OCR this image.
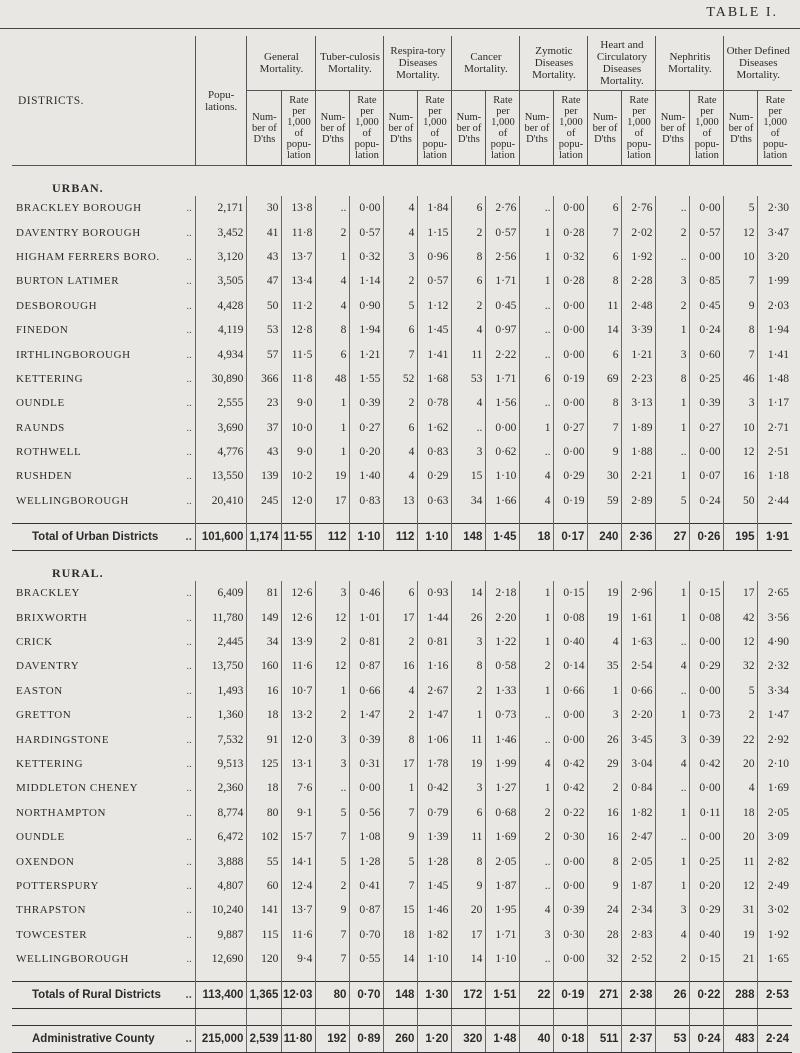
TABLE I.
DISTRICTS.	Popu-lations.	General Mortality.		Tuber-culosis Mortality.		Respira-tory Diseases Mortality.		Cancer Mortality.		Zymotic Diseases Mortality.		Heart and Circulatory Diseases Mortality.		Nephritis Mortality.		Other Defined Diseases Mortality.	
		Num-ber of D'ths	Rate per 1,000 of popu-lation	Num-ber of D'ths	Rate per 1,000 of popu-lation	Num-ber of D'ths	Rate per 1,000 of popu-lation	Num-ber of D'ths	Rate per 1,000 of popu-lation	Num-ber of D'ths	Rate per 1,000 of popu-lation	Num-ber of D'ths	Rate per 1,000 of popu-lation	Num-ber of D'ths	Rate per 1,000 of popu-lation	Num-ber of D'ths	Rate per 1,000 of popu-lation
URBAN.																	
BRACKLEY BOROUGH ..	2,171	30	13·8	..	0·00	4	1·84	6	2·76	..	0·00	6	2·76	..	0·00	5	2·30
DAVENTRY BOROUGH ..	3,452	41	11·8	2	0·57	4	1·15	2	0·57	1	0·28	7	2·02	2	0·57	12	3·47
HIGHAM FERRERS BORO. ..	3,120	43	13·7	1	0·32	3	0·96	8	2·56	1	0·32	6	1·92	..	0·00	10	3·20
BURTON LATIMER ..	3,505	47	13·4	4	1·14	2	0·57	6	1·71	1	0·28	8	2·28	3	0·85	7	1·99
DESBOROUGH ..	4,428	50	11·2	4	0·90	5	1·12	2	0·45	..	0·00	11	2·48	2	0·45	9	2·03
FINEDON ..	4,119	53	12·8	8	1·94	6	1·45	4	0·97	..	0·00	14	3·39	1	0·24	8	1·94
IRTHLINGBOROUGH ..	4,934	57	11·5	6	1·21	7	1·41	11	2·22	..	0·00	6	1·21	3	0·60	7	1·41
KETTERING ..	30,890	366	11·8	48	1·55	52	1·68	53	1·71	6	0·19	69	2·23	8	0·25	46	1·48
OUNDLE ..	2,555	23	9·0	1	0·39	2	0·78	4	1·56	..	0·00	8	3·13	1	0·39	3	1·17
RAUNDS ..	3,690	37	10·0	1	0·27	6	1·62	..	0·00	1	0·27	7	1·89	1	0·27	10	2·71
ROTHWELL ..	4,776	43	9·0	1	0·20	4	0·83	3	0·62	..	0·00	9	1·88	..	0·00	12	2·51
RUSHDEN ..	13,550	139	10·2	19	1·40	4	0·29	15	1·10	4	0·29	30	2·21	1	0·07	16	1·18
WELLINGBOROUGH ..	20,410	245	12·0	17	0·83	13	0·63	34	1·66	4	0·19	59	2·89	5	0·24	50	2·44

Total of Urban Districts ..	101,600	1,174	11·55	112	1·10	112	1·10	148	1·45	18	0·17	240	2·36	27	0·26	195	1·91
RURAL.																	
BRACKLEY ..	6,409	81	12·6	3	0·46	6	0·93	14	2·18	1	0·15	19	2·96	1	0·15	17	2·65
BRIXWORTH ..	11,780	149	12·6	12	1·01	17	1·44	26	2·20	1	0·08	19	1·61	1	0·08	42	3·56
CRICK ..	2,445	34	13·9	2	0·81	2	0·81	3	1·22	1	0·40	4	1·63	..	0·00	12	4·90
DAVENTRY ..	13,750	160	11·6	12	0·87	16	1·16	8	0·58	2	0·14	35	2·54	4	0·29	32	2·32
EASTON ..	1,493	16	10·7	1	0·66	4	2·67	2	1·33	1	0·66	1	0·66	..	0·00	5	3·34
GRETTON ..	1,360	18	13·2	2	1·47	2	1·47	1	0·73	..	0·00	3	2·20	1	0·73	2	1·47
HARDINGSTONE ..	7,532	91	12·0	3	0·39	8	1·06	11	1·46	..	0·00	26	3·45	3	0·39	22	2·92
KETTERING ..	9,513	125	13·1	3	0·31	17	1·78	19	1·99	4	0·42	29	3·04	4	0·42	20	2·10
MIDDLETON CHENEY ..	2,360	18	7·6	..	0·00	1	0·42	3	1·27	1	0·42	2	0·84	..	0·00	4	1·69
NORTHAMPTON ..	8,774	80	9·1	5	0·56	7	0·79	6	0·68	2	0·22	16	1·82	1	0·11	18	2·05
OUNDLE ..	6,472	102	15·7	7	1·08	9	1·39	11	1·69	2	0·30	16	2·47	..	0·00	20	3·09
OXENDON ..	3,888	55	14·1	5	1·28	5	1·28	8	2·05	..	0·00	8	2·05	1	0·25	11	2·82
POTTERSPURY ..	4,807	60	12·4	2	0·41	7	1·45	9	1·87	..	0·00	9	1·87	1	0·20	12	2·49
THRAPSTON ..	10,240	141	13·7	9	0·87	15	1·46	20	1·95	4	0·39	24	2·34	3	0·29	31	3·02
TOWCESTER ..	9,887	115	11·6	7	0·70	18	1·82	17	1·71	3	0·30	28	2·83	4	0·40	19	1·92
WELLINGBOROUGH ..	12,690	120	9·4	7	0·55	14	1·10	14	1·10	..	0·00	32	2·52	2	0·15	21	1·65

Totals of Rural Districts ..	113,400	1,365	12·03	80	0·70	148	1·30	172	1·51	22	0·19	271	2·38	26	0·22	288	2·53

Administrative County ..	215,000	2,539	11·80	192	0·89	260	1·20	320	1·48	40	0·18	511	2·37	53	0·24	483	2·24
